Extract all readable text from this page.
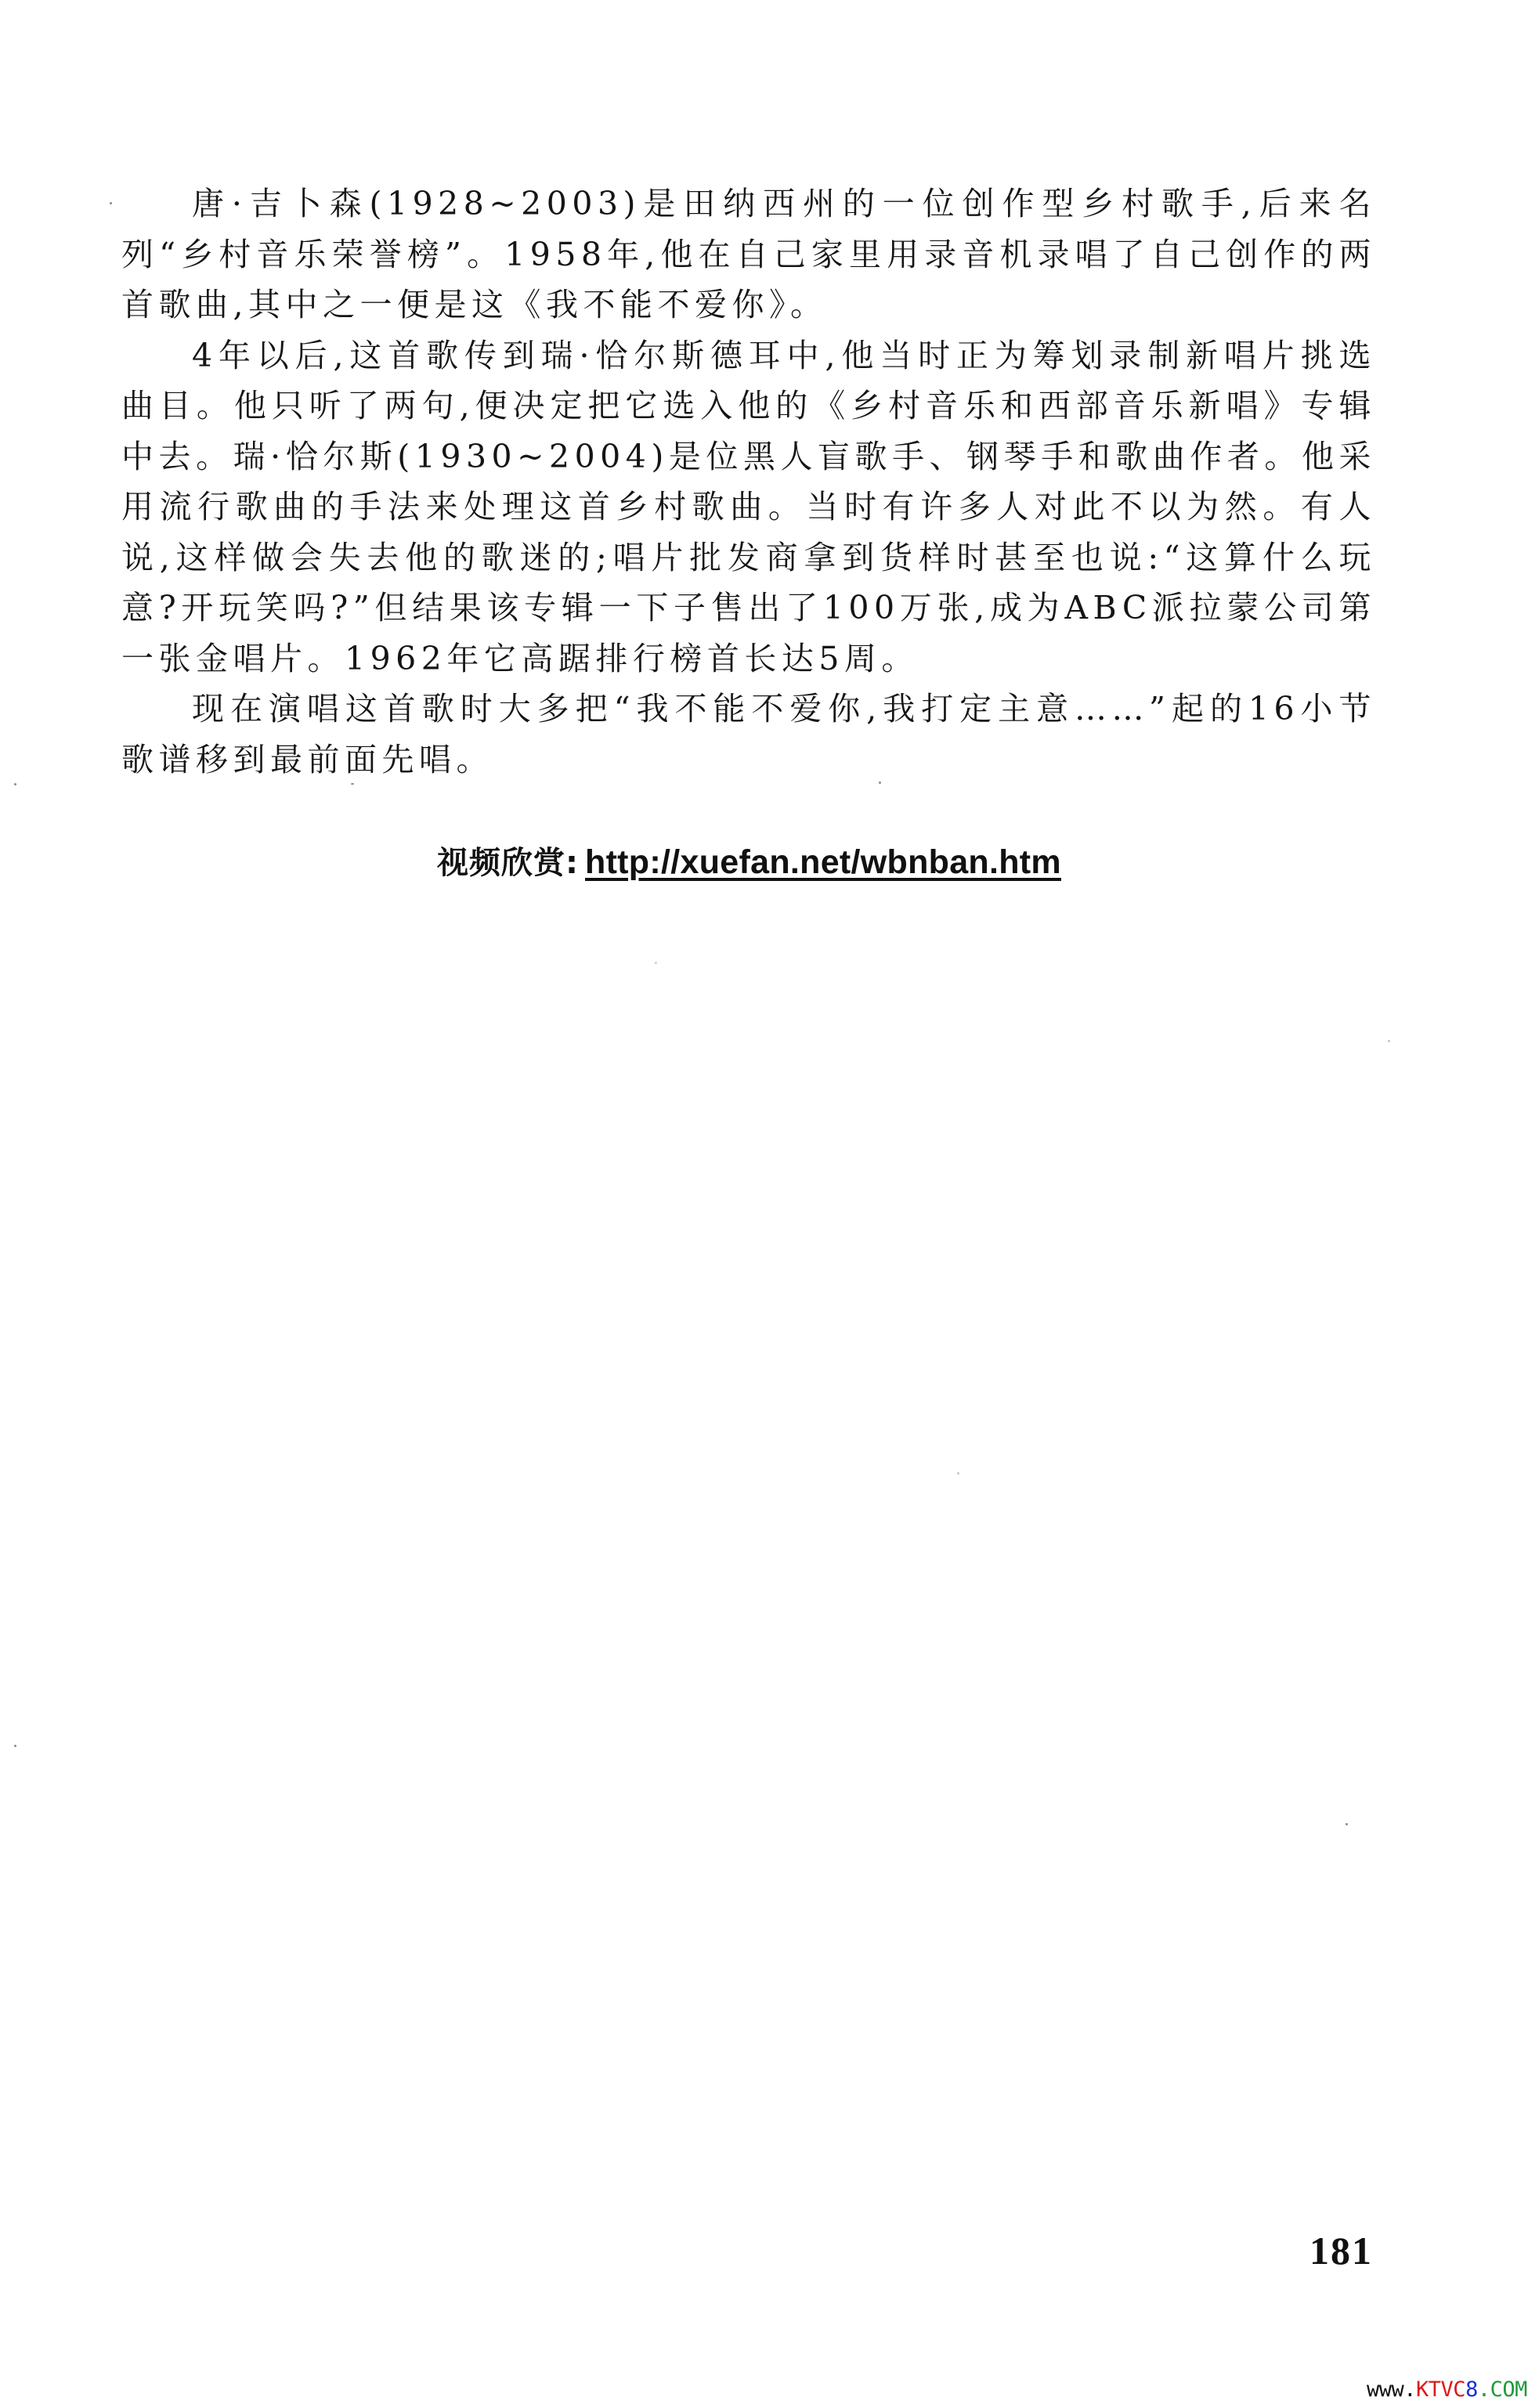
唐·吉卜森(1928~2003)是田纳西州的一位创作型乡村歌手,后来名列“乡村音乐荣誉榜”。1958年,他在自己家里用录音机录唱了自己创作的两首歌曲,其中之一便是这《我不能不爱你》。

4年以后,这首歌传到瑞·恰尔斯德耳中,他当时正为筹划录制新唱片挑选曲目。他只听了两句,便决定把它选入他的《乡村音乐和西部音乐新唱》专辑中去。瑞·恰尔斯(1930~2004)是位黑人盲歌手、钢琴手和歌曲作者。他采用流行歌曲的手法来处理这首乡村歌曲。当时有许多人对此不以为然。有人说,这样做会失去他的歌迷的;唱片批发商拿到货样时甚至也说:“这算什么玩意?开玩笑吗?”但结果该专辑一下子售出了100万张,成为ABC派拉蒙公司第一张金唱片。1962年它高踞排行榜首长达5周。

现在演唱这首歌时大多把“我不能不爱你,我打定主意……”起的16小节歌谱移到最前面先唱。

视频欣赏: http://xuefan.net/wbnban.htm
181
www.KTVC8.COM
